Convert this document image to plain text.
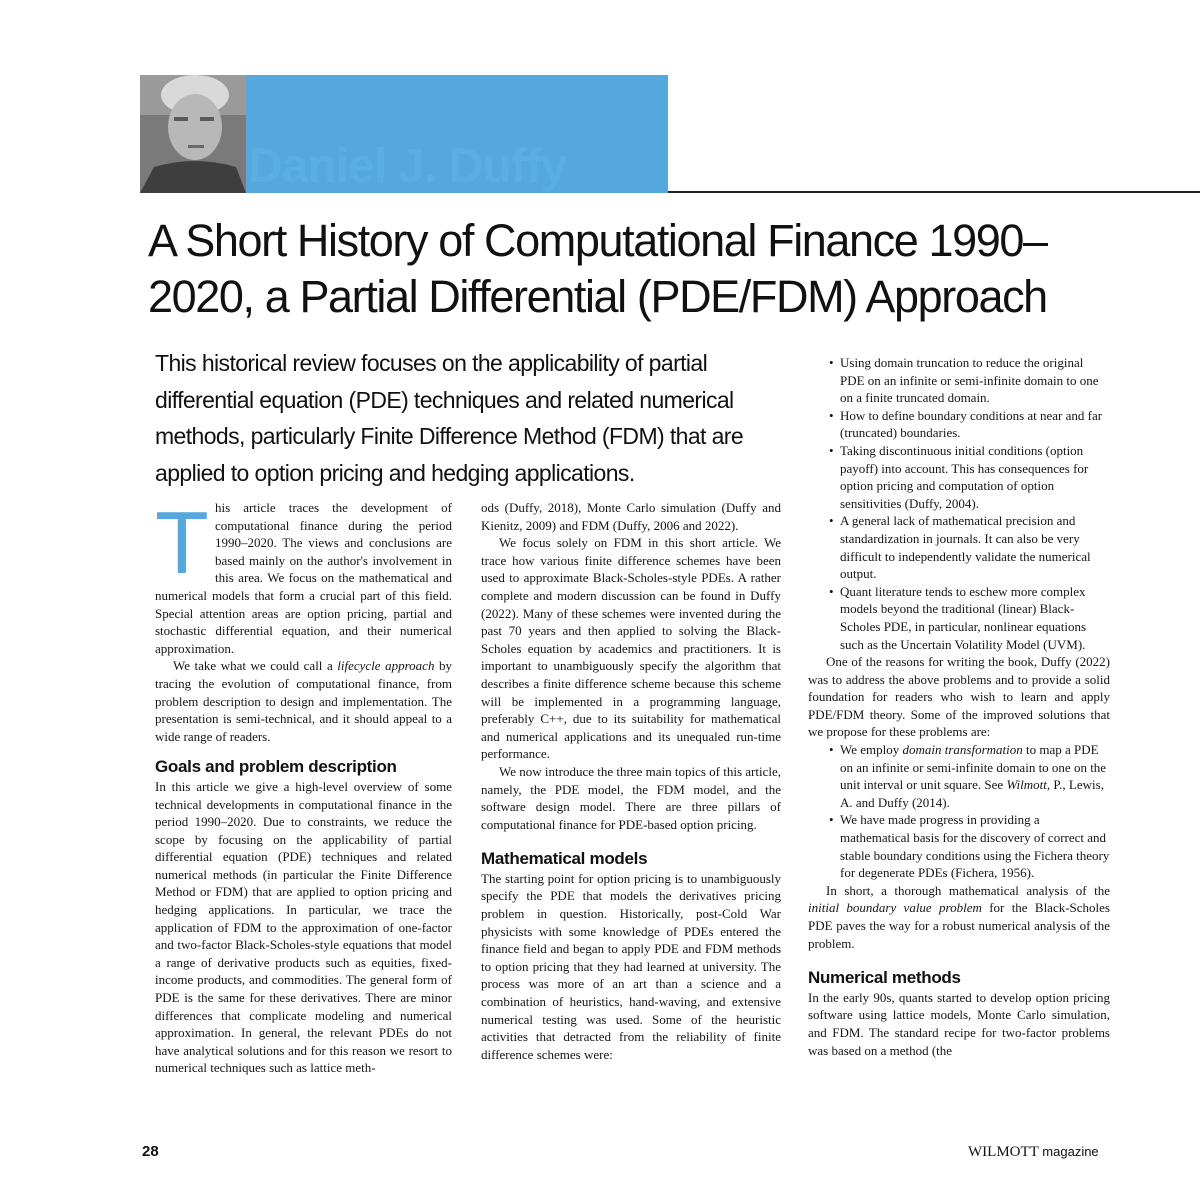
Daniel J. Duffy
A Short History of Computational Finance 1990–2020, a Partial Differential (PDE/FDM) Approach

This historical review focuses on the applicability of partial differential equation (PDE) techniques and related numerical methods, particularly Finite Difference Method (FDM) that are applied to option pricing and hedging applications.

T his article traces the development of computational finance during the period 1990–2020. The views and conclusions are based mainly on the author's involvement in this area. We focus on the mathematical and numerical models that form a crucial part of this field. Special attention areas are option pricing, partial and stochastic differential equation, and their numerical approximation.

We take what we could call a lifecycle approach by tracing the evolution of computational finance, from problem description to design and implementation. The presentation is semi-technical, and it should appeal to a wide range of readers.

Goals and problem description

In this article we give a high-level overview of some technical developments in computational finance in the period 1990–2020. Due to constraints, we reduce the scope by focusing on the applicability of partial differential equation (PDE) techniques and related numerical methods (in particular the Finite Difference Method or FDM) that are applied to option pricing and hedging applications. In particular, we trace the application of FDM to the approximation of one-factor and two-factor Black-Scholes-style equations that model a range of derivative products such as equities, fixed-income products, and commodities. The general form of PDE is the same for these derivatives. There are minor differences that complicate modeling and numerical approximation. In general, the relevant PDEs do not have analytical solutions and for this reason we resort to numerical techniques such as lattice meth-

ods (Duffy, 2018), Monte Carlo simulation (Duffy and Kienitz, 2009) and FDM (Duffy, 2006 and 2022).

We focus solely on FDM in this short article. We trace how various finite difference schemes have been used to approximate Black-Scholes-style PDEs. A rather complete and modern discussion can be found in Duffy (2022). Many of these schemes were invented during the past 70 years and then applied to solving the Black-Scholes equation by academics and practitioners. It is important to unambiguously specify the algorithm that describes a finite difference scheme because this scheme will be implemented in a programming language, preferably C++, due to its suitability for mathematical and numerical applications and its unequaled run-time performance.

We now introduce the three main topics of this article, namely, the PDE model, the FDM model, and the software design model. There are three pillars of computational finance for PDE-based option pricing.

Mathematical models

The starting point for option pricing is to unambiguously specify the PDE that models the derivatives pricing problem in question. Historically, post-Cold War physicists with some knowledge of PDEs entered the finance field and began to apply PDE and FDM methods to option pricing that they had learned at university. The process was more of an art than a science and a combination of heuristics, hand-waving, and extensive numerical testing was used. Some of the heuristic activities that detracted from the reliability of finite difference schemes were:

• Using domain truncation to reduce the original PDE on an infinite or semi-infinite domain to one on a finite truncated domain.
• How to define boundary conditions at near and far (truncated) boundaries.
• Taking discontinuous initial conditions (option payoff) into account. This has consequences for option pricing and computation of option sensitivities (Duffy, 2004).
• A general lack of mathematical precision and standardization in journals. It can also be very difficult to independently validate the numerical output.
• Quant literature tends to eschew more complex models beyond the traditional (linear) Black-Scholes PDE, in particular, nonlinear equations such as the Uncertain Volatility Model (UVM).

One of the reasons for writing the book, Duffy (2022) was to address the above problems and to provide a solid foundation for readers who wish to learn and apply PDE/FDM theory. Some of the improved solutions that we propose for these problems are:

• We employ domain transformation to map a PDE on an infinite or semi-infinite domain to one on the unit interval or unit square. See Wilmott, P., Lewis, A. and Duffy (2014).
• We have made progress in providing a mathematical basis for the discovery of correct and stable boundary conditions using the Fichera theory for degenerate PDEs (Fichera, 1956).

In short, a thorough mathematical analysis of the initial boundary value problem for the Black-Scholes PDE paves the way for a robust numerical analysis of the problem.

Numerical methods

In the early 90s, quants started to develop option pricing software using lattice models, Monte Carlo simulation, and FDM. The standard recipe for two-factor problems was based on a method (the

28	WILMOTT magazine
